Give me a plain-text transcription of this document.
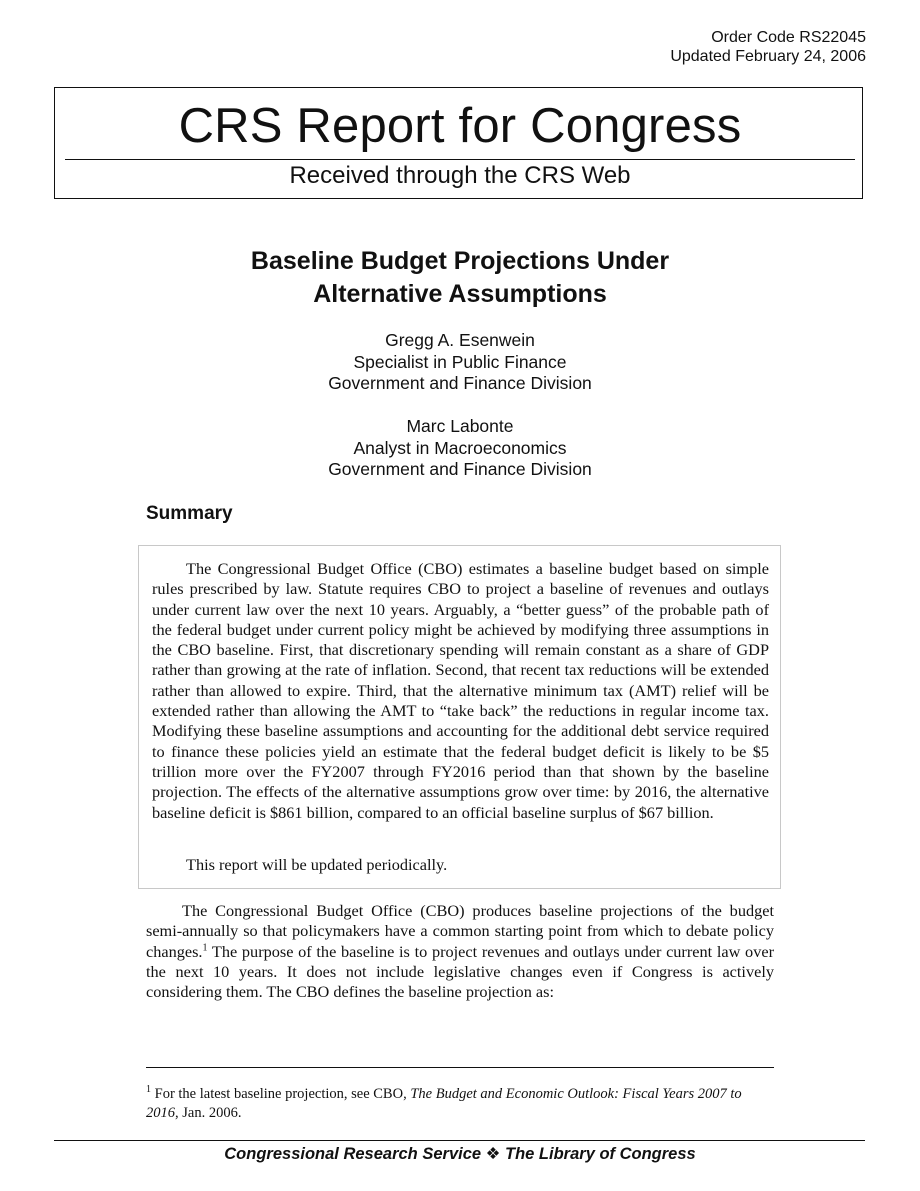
Order Code RS22045
Updated February 24, 2006
CRS Report for Congress
Received through the CRS Web
Baseline Budget Projections Under
Alternative Assumptions
Gregg A. Esenwein
Specialist in Public Finance
Government and Finance Division
Marc Labonte
Analyst in Macroeconomics
Government and Finance Division
Summary

The Congressional Budget Office (CBO) estimates a baseline budget based on simple rules prescribed by law. Statute requires CBO to project a baseline of revenues and outlays under current law over the next 10 years. Arguably, a “better guess” of the probable path of the federal budget under current policy might be achieved by modifying three assumptions in the CBO baseline. First, that discretionary spending will remain constant as a share of GDP rather than growing at the rate of inflation. Second, that recent tax reductions will be extended rather than allowed to expire. Third, that the alternative minimum tax (AMT) relief will be extended rather than allowing the AMT to “take back” the reductions in regular income tax. Modifying these baseline assumptions and accounting for the additional debt service required to finance these policies yield an estimate that the federal budget deficit is likely to be $5 trillion more over the FY2007 through FY2016 period than that shown by the baseline projection. The effects of the alternative assumptions grow over time: by 2016, the alternative baseline deficit is $861 billion, compared to an official baseline surplus of $67 billion.

This report will be updated periodically.

The Congressional Budget Office (CBO) produces baseline projections of the budget semi-annually so that policymakers have a common starting point from which to debate policy changes.$^1$ The purpose of the baseline is to project revenues and outlays under current law over the next 10 years. It does not include legislative changes even if Congress is actively considering them. The CBO defines the baseline projection as:

$^1$ For the latest baseline projection, see CBO, The Budget and Economic Outlook: Fiscal Years 2007 to 2016, Jan. 2006.

Congressional Research Service ❖ The Library of Congress
